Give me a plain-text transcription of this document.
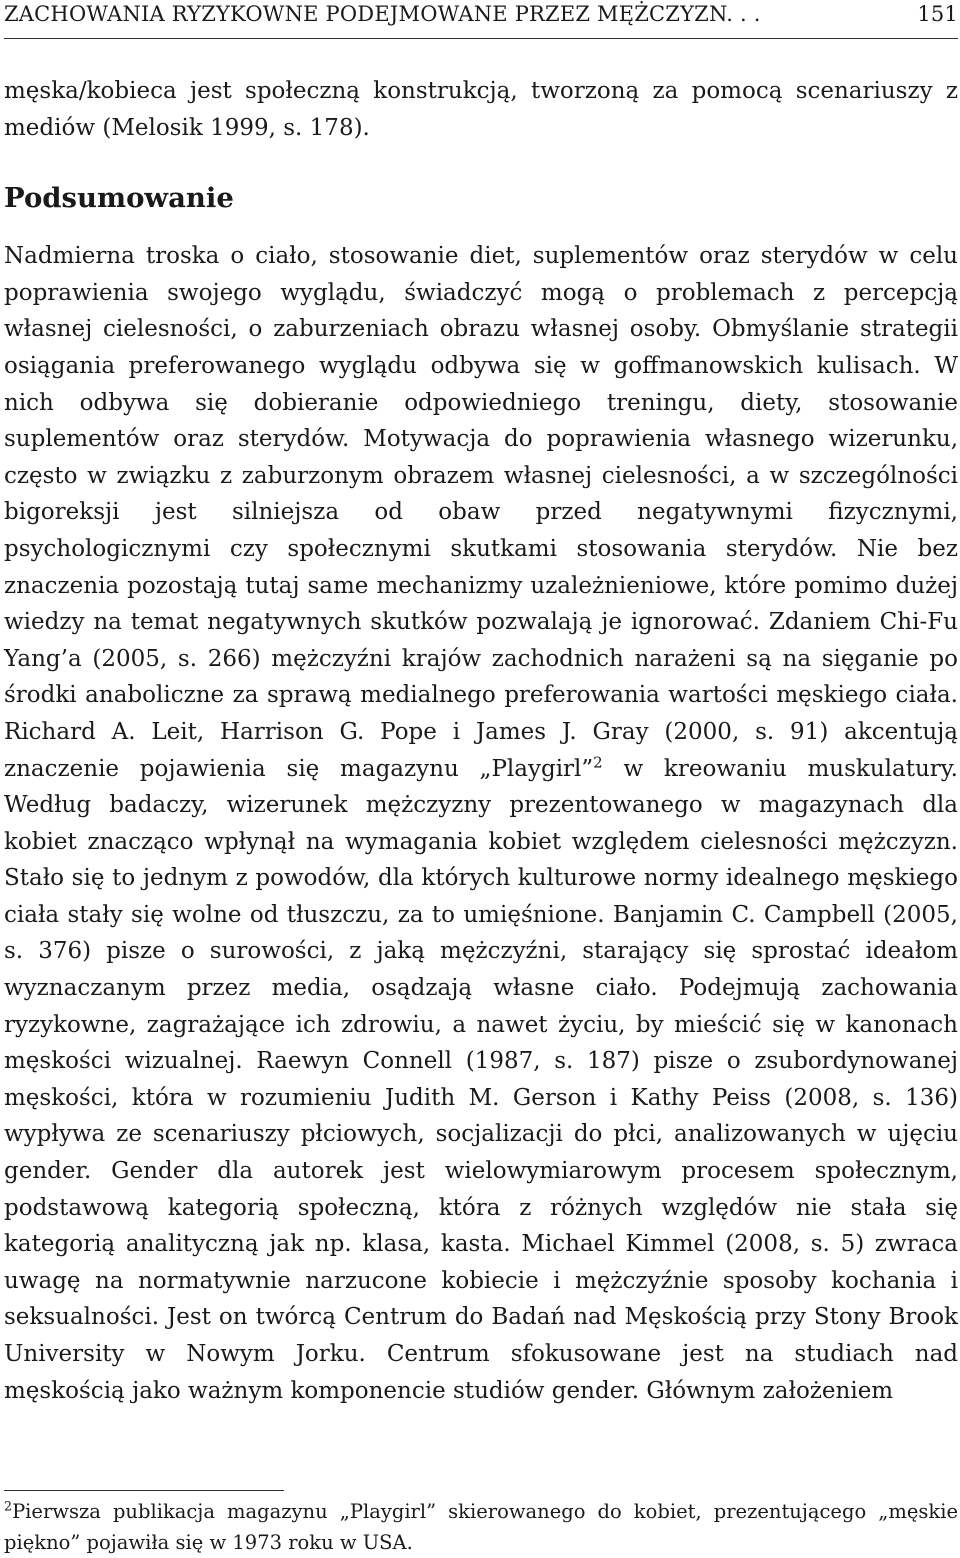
ZACHOWANIA RYZYKOWNE PODEJMOWANE PRZEZ MĘŻCZYZN. . .	151

męska/kobieca jest społeczną konstrukcją, tworzoną za pomocą scenariuszy z mediów (Melosik 1999, s. 178).

Podsumowanie

Nadmierna troska o ciało, stosowanie diet, suplementów oraz sterydów w celu poprawienia swojego wyglądu, świadczyć mogą o problemach z percepcją własnej cielesności, o zaburzeniach obrazu własnej osoby. Obmyślanie strategii osiągania preferowanego wyglądu odbywa się w goffmanowskich kulisach. W nich odbywa się dobieranie odpowiedniego treningu, diety, stosowanie suplementów oraz sterydów. Motywacja do poprawienia własnego wizerunku, często w związku z zaburzonym obrazem własnej cielesności, a w szczególności bigoreksji jest silniejsza od obaw przed negatywnymi fizycznymi, psychologicznymi czy społecznymi skutkami stosowania sterydów. Nie bez znaczenia pozostają tutaj same mechanizmy uzależnieniowe, które pomimo dużej wiedzy na temat negatywnych skutków pozwalają je ignorować. Zdaniem Chi-Fu Yang’a (2005, s. 266) mężczyźni krajów zachodnich narażeni są na sięganie po środki anaboliczne za sprawą medialnego preferowania wartości męskiego ciała. Richard A. Leit, Harrison G. Pope i James J. Gray (2000, s. 91) akcentują znaczenie pojawienia się magazynu „Playgirl”$^2$ w kreowaniu muskulatury. Według badaczy, wizerunek mężczyzny prezentowanego w magazynach dla kobiet znacząco wpłynął na wymagania kobiet względem cielesności mężczyzn. Stało się to jednym z powodów, dla których kulturowe normy idealnego męskiego ciała stały się wolne od tłuszczu, za to umięśnione. Banjamin C. Campbell (2005, s. 376) pisze o surowości, z jaką mężczyźni, starający się sprostać ideałom wyznaczanym przez media, osądzają własne ciało. Podejmują zachowania ryzykowne, zagrażające ich zdrowiu, a nawet życiu, by mieścić się w kanonach męskości wizualnej. Raewyn Connell (1987, s. 187) pisze o zsubordynowanej męskości, która w rozumieniu Judith M. Gerson i Kathy Peiss (2008, s. 136) wypływa ze scenariuszy płciowych, socjalizacji do płci, analizowanych w ujęciu gender. Gender dla autorek jest wielowymiarowym procesem społecznym, podstawową kategorią społeczną, która z różnych względów nie stała się kategorią analityczną jak np. klasa, kasta. Michael Kimmel (2008, s. 5) zwraca uwagę na normatywnie narzucone kobiecie i mężczyźnie sposoby kochania i seksualności. Jest on twórcą Centrum do Badań nad Męskością przy Stony Brook University w Nowym Jorku. Centrum sfokusowane jest na studiach nad męskością jako ważnym komponencie studiów gender. Głównym założeniem

$^2$Pierwsza publikacja magazynu „Playgirl” skierowanego do kobiet, prezentującego „męskie piękno” pojawiła się w 1973 roku w USA.
